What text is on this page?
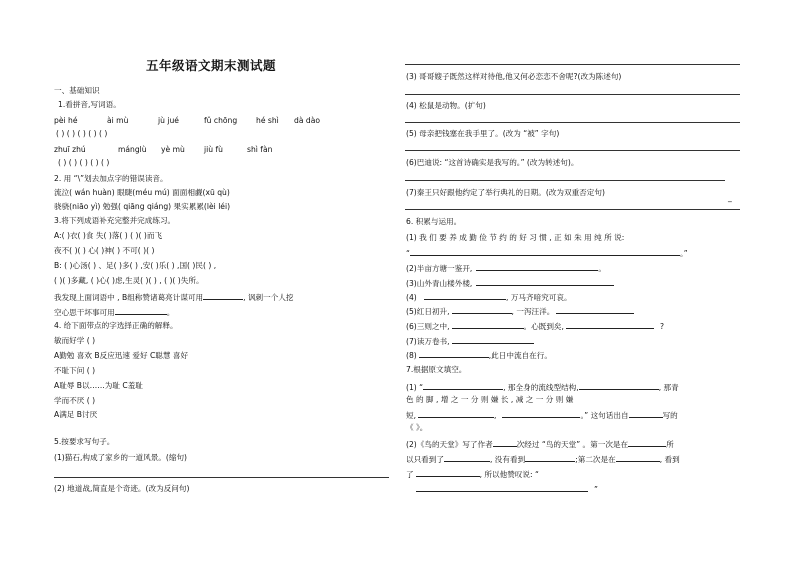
五年级语文期末测试题
一、基础知识
1.看拼音,写词语。
pèi hé	ài mù	jù jué	fǔ chōng hé shì dà dào
( ) ( ) ( ) ( ) ( )
zhuī zhú	mánglù yè mù	jiù fù	shì fàn
( ) ( ) ( ) ( ) ( )
2. 用 “\”划去加点字的错误读音。
流泣( wán huàn) 眼睫(méu mú) 面面相觑(xū qù)
骁骁(niāo yì) 勉强( qiāng qiáng) 果实累累(lèi léi)
3.将下列成语补充完整并完成练习。
A:( )衣( )食 失( )落( ) ( )( )而飞
夜不( )( ) 心( )神( ) 不可( )( )
B: ( )心汤( ) 、足( )多( ) ,安( )乐( ) ,国( )民( ) ,
( )( )多藏, ( )心( )虑,生灵( )( ) , ( )( )失所。
我发现上面词语中 , B组称赞诸葛亮计谋可用	, 讽刺一个人挖
空心思干坏事可用	。
4. 给下面带点的字选择正确的解释。
敏而好学 ( )
A勤勉 喜欢 B反应迅速 爱好 C聪慧 喜好
不耻下问 ( )
A耻辱 B以……为耻 C羞耻
学而不厌 ( )
A满足 B讨厌
5.按要求写句子。
(1)猫石,构成了家乡的一道风景。(缩句)
(2) 地道战,简直是个奇迹。(改为反问句)
(3) 哥哥嫂子既然这样对待他,他又何必恋恋不舍呢?(改为陈述句)
(4) 松鼠是动物。(扩句)
(5) 母亲把钱塞在我手里了。(改为 “被” 字句)
(6)巴迪说: “这首诗确实是我写的。” (改为转述句)。
(7)秦王只好跟他约定了举行典礼的日期。(改为双重否定句)
_
6. 积累与运用。
(1) 我 们 要 养 成 勤 俭 节 约 的 好 习 惯 , 正 如 朱 用 纯 所 说:
“	。”
(2)半亩方塘一鉴开,	。
(3)山外青山楼外楼,
(4)	, 万马齐喑究可哀。
(5)红日初升,	, 一泻汪洋。
(6)三则之中,	。心既到矣,	?
(7)读万卷书,
(8)	,此日中流自在行。
7.根据原文填空。
(1) “	, 那全身的流线型结构,	, 那青
色 的 脚 , 增 之 一 分 则 嫌 长 , 减 之 一 分 则 嫌
短,	,	。” 这句话出自	写的
《 》。
(2)《鸟的天堂》写了作者	次经过 “鸟的天堂” 。第一次是在	所
以只看到了	, 没有看到	;第二次是在	, 看到
了	, 所以他赞叹说: “
”
